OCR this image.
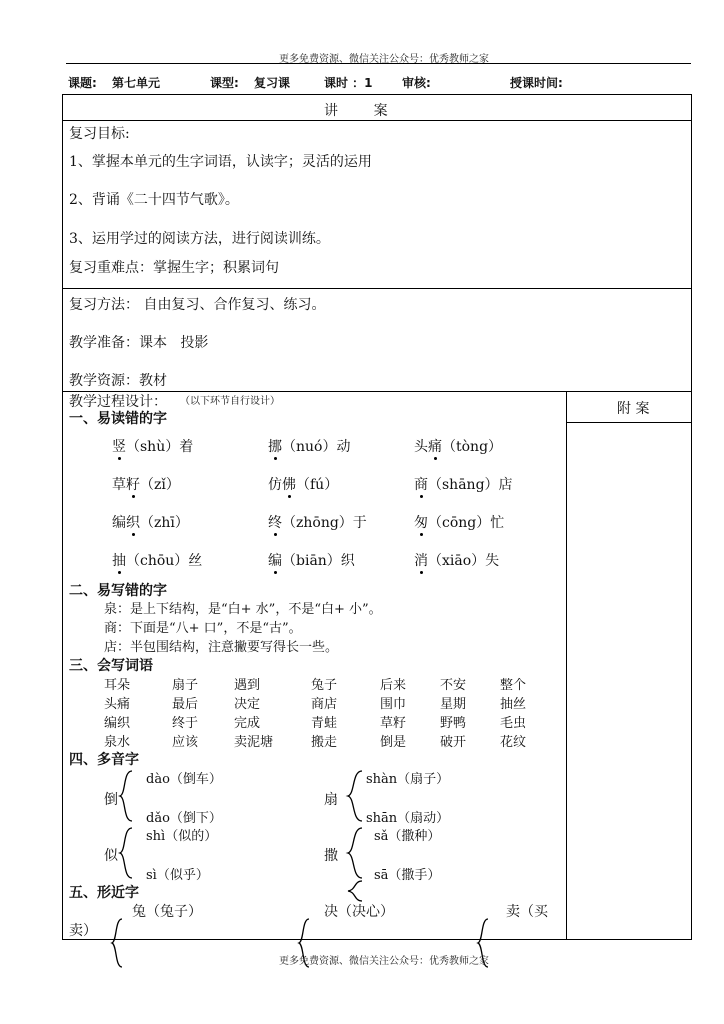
更多免费资源、微信关注公众号：优秀教师之家
课题: 第七单元	课型: 复习课	课时 ：1 审核:	授课时间:
讲        案
复习目标:
1、掌握本单元的生字词语，认读字；灵活的运用
2、背诵《二十四节气歌》。
3、运用学过的阅读方法，进行阅读训练。
复习重难点：掌握生字；积累词句
复习方法： 自由复习、合作复习、练习。
教学准备：课本   投影
教学资源：教材
教学过程设计： （以下环节自行设计）	附 案
一、易读错的字
竖（shù）着	挪（nuó）动	头痛（tòng）
草籽（zǐ）	仿佛（fú）	商（shāng）店
编织（zhī）	终（zhōng）于	匆（cōng）忙
抽（chōu）丝	编（biān）织	消（xiāo）失
二、易写错的字
泉：是上下结构，是“白+ 水”，不是“白+ 小”。
商：下面是“八+ 口”，不是“古”。
店：半包围结构，注意撇要写得长一些。
三、会写词语
耳朵	扇子	遇到	兔子	后来	不安	整个
头痛	最后	决定	商店	围巾	星期	抽丝
编织	终于	完成	青蛙	草籽	野鸭	毛虫
泉水	应该	卖泥塘	搬走	倒是	破开	花纹
四、多音字
倒
dào（倒车）
dǎo（倒下）
扇
shàn（扇子）
shān（扇动）
似
shì（似的）
sì（似乎）
撒
sǎ（撒种）
sā（撒手）
五、形近字
兔（兔子）	决（决心）	卖（买
卖）
更多免费资源、微信关注公众号：优秀教师之家
